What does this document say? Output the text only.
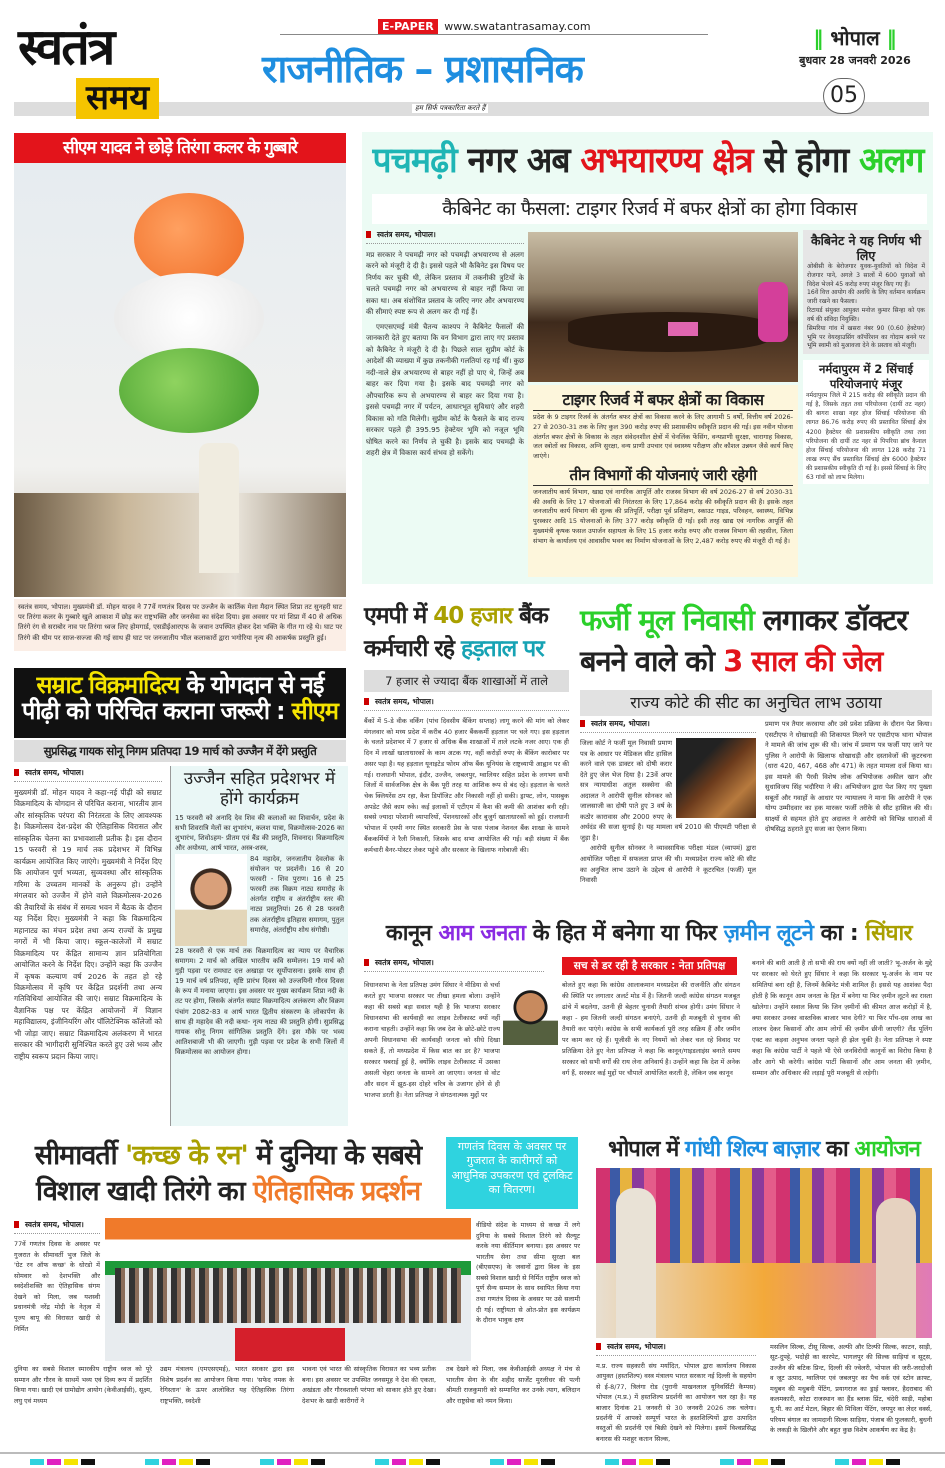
स्वतंत्र
समय
E-PAPER www.swatantrasamay.com
राजनीतिक – प्रशासनिक
हम सिर्फ पत्रकारिता करते हैं
‖ भोपाल ‖
बुधवार 28 जनवरी 2026
05
सीएम यादव ने छोड़े तिरंगा कलर के गुब्बारे
स्वतंत्र समय, भोपाल। मुख्यमंत्री डॉ. मोहन यादव ने 77वें गणतंत्र दिवस पर उज्जैन के कार्तिक मेला मैदान स्थित शिप्रा तट सुनहरी घाट पर तिरंगा कलर के गुब्बारे खुले आकाश में छोड़ कर राष्ट्रभक्ति और जनसेवा का संदेश दिया। इस अवसर पर मां शिप्रा में 40 से अधिक तिरंगे रंग से सराबोर नाव पर तिरंगा ध्वज लिए होमगार्ड, एसडीईआरएफ के जवान उपस्थित होकर देश भक्ति के गीत गा रहे थे। घाट पर तिरंगे की थीम पर साज-सज्जा की गई साथ ही घाट पर जनजातीय भील कलाकारों द्वारा भगोरिया नृत्य की आकर्षक प्रस्तुति हुई।
सम्राट विक्रमादित्य के योगदान से नई पीढ़ी को परिचित कराना जरूरी : सीएम
सुप्रसिद्ध गायक सोनू निगम प्रतिपदा 19 मार्च को उज्जैन में देंगे प्रस्तुति
स्वतंत्र समय, भोपाल।
मुख्यमंत्री डॉ. मोहन यादव ने कहा-नई पीढ़ी को सम्राट विक्रमादित्य के योगदान से परिचित कराना, भारतीय ज्ञान और सांस्कृतिक परंपरा की निरंतरता के लिए आवश्यक है। विक्रमोत्सव देश-प्रदेश की ऐतिहासिक विरासत और सांस्कृतिक चेतना का प्रभावशाली प्रतीक है। इस दौरान 15 फरवरी से 19 मार्च तक प्रदेशभर में विभिन्न कार्यक्रम आयोजित किए जाएंगे। मुख्यमंत्री ने निर्देश दिए कि आयोजन पूर्ण भव्यता, सुव्यवस्था और सांस्कृतिक गरिमा के उच्चतम मानकों के अनुरूप हो। उन्होंने मंगलवार को उज्जैन में होने वाले विक्रमोत्सव-2026 की तैयारियों के संबंध में समत्व भवन में बैठक के दौरान यह निर्देश दिए। मुख्यमंत्री ने कहा कि विक्रमादित्य महानाट्य का मंचन प्रदेश तथा अन्य राज्यों के प्रमुख नगरों में भी किया जाए। स्कूल-कालेजों में सम्राट विक्रमादित्य पर केंद्रित सामान्य ज्ञान प्रतियोगिता आयोजित करने के निर्देश दिए। उन्होंने कहा कि उज्जैन में कृषक कल्याण वर्ष 2026 के तहत हो रहे विक्रमोत्सव में कृषि पर केंद्रित प्रदर्शनी तथा अन्य गतिविधियां आयोजित की जाएं। सम्राट विक्रमादित्य के वैज्ञानिक पक्ष पर केंद्रित आयोजनों में विज्ञान महाविद्यालय, इंजीनियरिंग और पॉलिटेक्निक कॉलेजों को भी जोड़ा जाए। सम्राट विक्रमादित्य अलंकरण में भारत सरकार की भागीदारी सुनिश्चित करते हुए उसे भव्य और राष्ट्रीय स्वरूप प्रदान किया जाए।
उज्जैन सहित प्रदेशभर में होंगे कार्यक्रम
15 फरवरी को अनादि देव शिव की कलाओं का शिवार्चन, प्रदेश के सभी शिवरात्रि मेलों का शुभारंभ, कलश यात्रा, विक्रमोत्सव-2026 का शुभारंभ, शिवोऽहम- प्रीतम एवं बैंड की प्रस्तुति, शिवनाद। विक्रमादित्य और अयोध्या, आर्ष भारत, अस्त्र-शस्त्र,
84 महादेव, जनजातीय देवलोक के संयोजन पर प्रदर्शनी। 16 से 20 फरवरी - शिव पुराण। 16 से 25 फरवरी तक विक्रम नाट्य समारोह के अंतर्गत राष्ट्रीय व अंतर्राष्ट्रीय स्तर की नाट्य प्रस्तुतियां। 26 से 28 फरवरी तक अंतर्राष्ट्रीय इतिहास समागम, पुतुल समारोह, अंतर्राष्ट्रीय शोध संगोष्ठी।
28 फरवरी से एक मार्च तक विक्रमादित्य का न्याय पर वैचारिक समागम। 2 मार्च को अखिल भारतीय कवि सम्मेलन। 19 मार्च को गुड़ी पड़वा पर रामघाट दत्त अखाड़ा पर सूर्योपासना। इसके साथ ही 19 मार्च वर्ष प्रतिपदा, सृष्टि प्रारंभ दिवस को उज्जयिनी गौरव दिवस के रूप में मनाया जाएगा। इस अवसर पर मुख्य कार्यक्रम शिप्रा नदी के तट पर होगा, जिसके अंतर्गत सम्राट विक्रमादित्य अलंकरण और विक्रम पंचांग 2082-83 व आर्ष भारत द्वितीय संस्करण के लोकार्पण के साथ ही महादेव की नदी कथा- नृत्य नाट्य की प्रस्तुति होगी। सुप्रसिद्ध गायक सोनू निगम सांगितिक प्रस्तुति देंगे। इस मौके पर भव्य आतिशबाजी भी की जाएगी। गुड़ी पड़वा पर प्रदेश के सभी जिलों में विक्रमोत्सव का आयोजन होगा।
पचमढ़ी नगर अब अभयारण्य क्षेत्र से होगा अलग
कैबिनेट का फैसला: टाइगर रिजर्व में बफर क्षेत्रों का होगा विकास
स्वतंत्र समय, भोपाल।

मप्र सरकार ने पचमढ़ी नगर को पचमढ़ी अभयारण्य से अलग करने को मंजूरी दे दी है। इससे पहले भी कैबिनेट इस विषय पर निर्णय कर चुकी थी, लेकिन प्रस्ताव में तकनीकी त्रुटियों के चलते पचमढ़ी नगर को अभयारण्य से बाहर नहीं किया जा सका था। अब संशोधित प्रस्ताव के जरिए नगर और अभयारण्य की सीमाएं स्पष्ट रूप से अलग कर दी गई हैं।

एमएसएमई मंत्री चैतन्य काश्यप ने कैबिनेट फैसलों की जानकारी देते हुए बताया कि वन विभाग द्वारा लाए गए प्रस्ताव को कैबिनेट ने मंजूरी दे दी है। पिछले साल सुप्रीम कोर्ट के आदेशों की व्याख्या में कुछ तकनीकी गलतियां रह गई थीं। कुछ नदी-नाले क्षेत्र अभयारण्य से बाहर नहीं हो पाए थे, जिन्हें अब बाहर कर दिया गया है। इसके बाद पचमढ़ी नगर को औपचारिक रूप से अभयारण्य से बाहर कर दिया गया है। इससे पचमढ़ी नगर में पर्यटन, आधारभूत सुविधाएं और शहरी विकास को गति मिलेगी। सुप्रीम कोर्ट के फैसले के बाद राज्य सरकार पहले ही 395.95 हेक्टेयर भूमि को नजूल भूमि घोषित करने का निर्णय ले चुकी है। इसके बाद पचमढ़ी के शहरी क्षेत्र में विकास कार्य संभव हो सकेंगे।

टाइगर रिजर्व में बफर क्षेत्रों का विकास
प्रदेश के 9 टाइगर रिजर्व के अंतर्गत बफर क्षेत्रों का विकास करने के लिए आगामी 5 वर्षों, वित्तीय वर्ष 2026-27 से 2030-31 तक के लिए कुल 390 करोड़ रुपए की प्रशासकीय स्वीकृति प्रदान की गई। इस नवीन योजना अंतर्गत बफर क्षेत्रों के विकास के तहत संवेदनशील क्षेत्रों में चेनलिंक फेंसिंग, वन्यप्राणी सुरक्षा, चारागाह विकास, जल स्त्रोतों का विकास, अग्नि सुरक्षा, वन्य प्राणी उपचार एवं स्वास्थ्य परीक्षण और कौशल उन्नयन जैसे कार्य किए जाएंगे।
तीन विभागों की योजनाएं जारी रहेगी
जनजातीय कार्य विभाग, खाद्य एवं नागरिक आपूर्ति और राजस्व विभाग की वर्ष 2026-27 से वर्ष 2030-31 की अवधि के लिए 17 योजनाओं की निरंतरता के लिए 17,864 करोड़ की स्वीकृति प्रदान की है। इसके तहत जनजातीय कार्य विभाग की शुल्क की प्रतिपूर्ति, परीक्षा पूर्व प्रशिक्षण, स्काउट गाइड, परिवहन, स्वास्थ्य, विभिन्न पुरस्कार आदि 15 योजनाओं के लिए 377 करोड़ स्वीकृति दी गई। इसी तरह खाद्य एवं नागरिक आपूर्ति की मुख्यमंत्री कृषक फसल उपार्जन सहायता के लिए 15 हजार करोड़ रुपए और राजस्व विभाग की तहसील, जिला संभाग के कार्यालय एवं आवासीय भवन का निर्माण योजनाओं के लिए 2,487 करोड़ रुपए की मंजूरी दी गई है।
कैबिनेट ने यह निर्णय भी लिए
ओबीसी के बेरोजगार युवक-युवतियों को विदेश में रोजगार पाने, अगले 3 सालों में 600 युवाओं को विदेश भेजने 45 करोड़ रुपए मंजूर किए गए हैं।
16वें वित्त आयोग की अवधि के लिए वर्तमान कार्यक्रम जारी रखने का फैसला।
रिटायर्ड संयुक्त आयुक्त मनोज कुमार सिन्हा को एक वर्ष की संविदा नियुक्ति।
सिमरिया गांव में खसरा नंबर 90 (0.60 हेक्टेयर) भूमि पर वेयरहाउसिंग कॉर्पोरेशन का गोदाम बनने पर भूमि स्वामी को मुआवजा देने के प्रस्ताव को मंजूरी।
नर्मदापुरम में 2 सिंचाई परियोजनाएं मंजूर
नर्मदापुरम जिले में 215 करोड़ की स्वीकृति प्रदान की गई है, जिसके तहत तवा परियोजना (दायीं तट नहर) की बागरा शाखा नहर होज सिंचाई परियोजना की लागत 86.76 करोड़ रुपए की प्रस्तावित सिंचाई क्षेत्र 4200 हैक्टेयर की प्रशासकीय स्वीकृति तथा तवा परियोजना की दायीं तट नहर से पिपरिया ब्रांच कैनाल होज सिंचाई परियोजना की लागत 128 करोड़ 71 लाख रुपए सैंच प्रस्तावित सिंचाई क्षेत्र 6000 हैक्टेयर की प्रशासकीय स्वीकृति दी गई है। इससे सिंचाई के लिए 63 गांवों को लाभ मिलेगा।
एमपी में 40 हजार बैंक कर्मचारी रहे हड़ताल पर
7 हजार से ज्यादा बैंक शाखाओं में ताले
स्वतंत्र समय, भोपाल।
बैंकों में 5-डे वीक वर्किंग (पांच दिवसीय बैंकिंग सप्ताह) लागू करने की मांग को लेकर मंगलवार को मध्य प्रदेश में करीब 40 हजार बैंककर्मी हड़ताल पर चले गए। इस हड़ताल के चलते प्रदेशभर में 7 हजार से अधिक बैंक शाखाओं में ताले लटके नजर आए। एक ही दिन में लाखों खाताधारकों के काम अटक गए, वहीं करोड़ों रुपए के बैंकिंग कारोबार पर असर पड़ा है। यह हड़ताल यूनाइटेड फोरम ऑफ बैंक यूनियंस के राष्ट्रव्यापी आह्वान पर की गई। राजधानी भोपाल, इंदौर, उज्जैन, जबलपुर, ग्वालियर सहित प्रदेश के लगभग सभी जिलों में सार्वजनिक क्षेत्र के बैंक पूरी तरह या आंशिक रूप से बंद रहे। हड़ताल के चलते चेक क्लियरेंस ठप रहा, कैश डिपॉजिट और निकासी नहीं हो सकी। ड्राफ्ट, लोन, पासबुक अपडेट जैसे काम रुके। कई इलाकों में एटीएम में कैश की कमी की आशंका बनी रही। सबसे ज्यादा परेशानी व्यापारियों, पेंशनधारकों और बुजुर्ग खाताधारकों को हुई। राजधानी भोपाल में एमपी नगर स्थित सरकारी प्रेस के पास पंजाब नेशनल बैंक शाखा के सामने बैंककर्मियों ने रैली निकाली, जिसके बाद सभा आयोजित की गई। बड़ी संख्या में बैंक कर्मचारी बैनर-पोस्टर लेकर पहुंचे और सरकार के खिलाफ नारेबाजी की।
फर्जी मूल निवासी लगाकर डॉक्टर बनने वाले को 3 साल की जेल
राज्य कोटे की सीट का अनुचित लाभ उठाया
स्वतंत्र समय, भोपाल।
जिला कोर्ट ने फर्जी मूल निवासी प्रमाण पत्र के आधार पर मेडिकल सीट हासिल करने वाले एक डाक्टर को दोषी करार देते हुए जेल भेज दिया है। 23वें अपर सत्र न्यायाधीश अतुल सक्सेना की अदालत ने आरोपी सुनील सोनकर को जालसाजी का दोषी पाते हुए 3 वर्ष के कठोर कारावास और 2000 रुपए के अर्थदंड की सजा सुनाई है। यह मामला वर्ष 2010 की पीएमटी परीक्षा से जुड़ा है।
आरोपी सुनील सोनकर ने व्यावसायिक परीक्षा मंडल (व्यापमं) द्वारा आयोजित परीक्षा में सफलता प्राप्त की थी। मध्यप्रदेश राज्य कोटे की सीट का अनुचित लाभ उठाने के उद्देश्य से आरोपी ने कूटरचित (फर्जी) मूल निवासी
प्रमाण पत्र तैयार करवाया और उसे प्रवेश प्रक्रिया के दौरान पेश किया। एसटीएफ ने धोखाधड़ी की शिकायत मिलने पर एसटीएफ थाना भोपाल ने मामले की जांच शुरू की थी। जांच में प्रमाण पत्र फर्जी पाए जाने पर पुलिस ने आरोपी के खिलाफ धोखाधड़ी और दस्तावेजों की कूटरचना (धारा 420, 467, 468 और 471) के तहत मामला दर्ज किया था। इस मामले की पैरवी विशेष लोक अभियोजक अकील खान और सुधाविजय सिंह भदौरिया ने की। अभियोजन द्वारा पेश किए गए पुख्ता सबूतों और गवाहों के आधार पर न्यायालय ने माना कि आरोपी ने एक योग्य उम्मीदवार का हक मारकर फर्जी तरीके से सीट हासिल की थी। साक्ष्यों से सहमत होते हुए अदालत ने आरोपी को विभिन्न धाराओं में दोषसिद्ध ठहराते हुए सजा का ऐलान किया।
कानून आम जनता के हित में बनेगा या फिर ज़मीन लूटने का : सिंघार
सच से डर रही है सरकार : नेता प्रतिपक्ष
स्वतंत्र समय, भोपाल।
विधानसभा के नेता प्रतिपक्ष उमंग सिंघार ने मीडिया से चर्चा करते हुए भाजपा सरकार पर तीखा हमला बोला। उन्होंने कहा की सबसे बड़ा सवाल यही है कि भाजपा सरकार विधानसभा की कार्यवाही का लाइव टेलीकास्ट क्यों नहीं कराना चाहती। उन्होंने कहा कि जब देश के छोटे-छोटे राज्य अपनी विधानसभा की कार्यवाही जनता को सीधे दिखा सकते हैं, तो मध्यप्रदेश में किस बात का डर है? भाजपा सरकार घबराई हुई है, क्योंकि लाइव टेलीकास्ट में उसका असली चेहरा जनता के सामने आ जाएगा। जनता से वोट और सदन में झूठ-इस दोहरे चरित्र के उजागर होने से ही भाजपा डरती है। नेता प्रतिपक्ष ने संगठनात्मक मुद्दों पर
बोलते हुए कहा कि कांग्रेस आलाकमान मध्यप्रदेश की राजनीति और संगठन की स्थिति पर लगातार अलर्ट मोड में है। जितनी जल्दी कांग्रेस संगठन मजबूत ढांचे में बदलेगा, उतनी ही बेहतर चुनावी तैयारी संभव होगी। उमंग सिंघार ने कहा - हम जितनी जल्दी संगठन बनाएंगे, उतनी ही मजबूती से चुनाव की तैयारी कर पाएंगे। कांग्रेस के सभी कार्यकर्ता पूरी तरह सक्रिय हैं और जमीन पर काम कर रहे हैं। यूजीसी के नए नियमों को लेकर चल रहे विवाद पर प्रतिक्रिया देते हुए नेता प्रतिपक्ष ने कहा कि कानून/गाइडलाइंस बनाते समय सरकार को सभी वर्गों की राय लेना अनिवार्य है। उन्होंने कहा कि देश में अनेक वर्ग हैं, सरकार कई मुद्दों पर चौपालें आयोजित करती है, लेकिन जब कानून
बनाने की बारी आती है तो सभी की राय क्यों नहीं ली जाती? भू-अर्जन के मुद्दे पर सरकार को घेरते हुए सिंघार ने कहा कि सरकार भू-अर्जन के नाम पर समितियां बना रही है, जिनमें कैबिनेट मंत्री शामिल हैं। इससे यह आशंका पैदा होती है कि कानून आम जनता के हित में बनेगा या फिर ज़मीन लूटने का रास्ता खोलेगा। उन्होंने सवाल किया कि जिन ज़मीनों की कीमत आज करोड़ों में है, क्या सरकार उनका वास्तविक बाजार भाव देगी? या फिर पाँच-दस लाख का लालच देकर किसानों और आम लोगों की ज़मीन छीनी जाएगी? लैंड पूलिंग एक्ट का कड़वा अनुभव जनता पहले ही झेल चुकी है। नेता प्रतिपक्ष ने स्पष्ट कहा कि कांग्रेस पार्टी ने पहले भी ऐसे जनविरोधी कानूनों का विरोध किया है और आगे भी करेगी। कांग्रेस पार्टी किसानों और आम जनता की ज़मीन, सम्मान और अधिकार की लड़ाई पूरी मजबूती से लड़ेगी।
सीमावर्ती 'कच्छ के रन' में दुनिया के सबसे विशाल खादी तिरंगे का ऐतिहासिक प्रदर्शन
गणतंत्र दिवस के अवसर पर गुजरात के कारीगरों को आधुनिक उपकरण एवं टूलकिट का वितरण।
स्वतंत्र समय, भोपाल।
77वें गणतंत्र दिवस के अवसर पर गुजरात के सीमावर्ती भुज जिले के 'ग्रेट रन ऑफ कच्छ' के धोरडो में सोमवार को देशभक्ति और स्वदेशीशक्ति का ऐतिहासिक संगम देखने को मिला, जब यशस्वी प्रधानमंत्री नरेंद्र मोदी के नेतृत्व में पूज्य बापू की विरासत खादी से निर्मित
वीडियो संदेश के माध्यम से कच्छ में लगे दुनिया के सबसे विशाल तिरंगे को सैल्यूट करके नया कीर्तिमान बनाया। इस अवसर पर भारतीय सेना तथा सीमा सुरक्षा बल (बीएसएफ) के जवानों द्वारा विश्व के इस सबसे विशाल खादी से निर्मित राष्ट्रीय ध्वज को पूर्ण सैन्य सम्मान के साथ स्थापित किया गया तथा गणतंत्र दिवस के अवसर पर उसे सलामी दी गई। राष्ट्रीयता से ओत-प्रोत इस कार्यक्रम के दौरान भावुक क्षण
दुनिया का सबसे विशाल स्मारकीय राष्ट्रीय ध्वज को पूरे सम्मान और गौरव के साथमें भव्य एवं दिव्य रूप में प्रदर्शित किया गया। खादी एवं ग्रामोद्योग आयोग (केवीआईसी), सूक्ष्म, लघु एवं मध्यम
उद्यम मंत्रालय (एमएसएमई), भारत सरकार द्वारा इस विशेष प्रदर्शन का आयोजन किया गया। 'सफेद नमक के रेगिस्तान' के ऊपर आलोकित यह ऐतिहासिक तिरंगा राष्ट्रभक्ति, स्वदेशी
भावना एवं भारत की सांस्कृतिक विरासत का भव्य प्रतीक बना। इस अवसर पर उपस्थित जनसमूह ने देश की एकता, अखंडता और गौरवशाली परंपरा को साकार होते हुए देखा। देशभर के खादी कारीगरों ने
तब देखने को मिला, जब केवीआईसी अध्यक्ष ने मंच से भारतीय सेना के वीर शहीद सार्जेंट मुरलीधर की पत्नी श्रीमती राजकुमारी को सम्मानित कर उनके त्याग, बलिदान और राष्ट्रसेवा को नमन किया।
भोपाल में गांधी शिल्प बाज़ार का आयोजन
स्वतंत्र समय, भोपाल।
म.प्र. राज्य सहकारी संघ मर्यादित, भोपाल द्वारा कार्यालय विकास आयुक्त (हस्तशिल्प) वस्त्र मंत्रालय भारत सरकार नई दिल्ली के सहयोग से ई-8/77, त्रिलंगा रोड (पुरानी माखनलाल यूनिवर्सिटी कैम्पस) भोपाल (म.प्र.) में हस्तशिल्प प्रदर्शनी का आयोजन चल रहा है। यह बाजार दिनांक 21 जनवरी से 30 जनवरी 2026 तक चलेगा। प्रदर्शनी में आपको सम्पूर्ण भारत के हस्तशिल्पियों द्वारा उत्पादित वस्तुओं की प्रदर्शनी एवं बिक्री देखने को मिलेगा। इसमें विश्वप्रसिद्ध बनारस की मशहूर कतान सिल्क,
मसलिन सिल्क, टीसू सिल्क, अल्फी और टिल्फी सिल्क, काटन, साड़ी, सूट-दुपट्टे, भदोही का कारपेट, भागलपुर की सिल्क साड़ियां व सूट्स, उज्जैन की बटिक प्रिन्ट, दिल्ली की ज्वेलरी, भोपाल की जरी-जरदोजी व जूट उत्पाद, ग्वालियर एवं जबलपुर का पैच वर्क एवं स्टोन क्राफ्ट, मधुबन की मधुबनी पेंटिंग, प्रयागराज का ड्राई फ्लावर, हैदराबाद की कलमकारी, कोटा राजस्थान का हैंड ब्लाक प्रिंट, चंदेरी साड़ी, महोबा यू.पी. का आर्ट मेटल, बिहार की मिथिला पेंटिंग, जयपुर का लेदर वर्क्स, परियम बंगाल का जामदानी सिल्क साड़िया, पंजाब की फुलकारी, बुधनी के लकड़ी के खिलौने और बहुत कुछ विशेष आकर्षण का केंद्र है।
